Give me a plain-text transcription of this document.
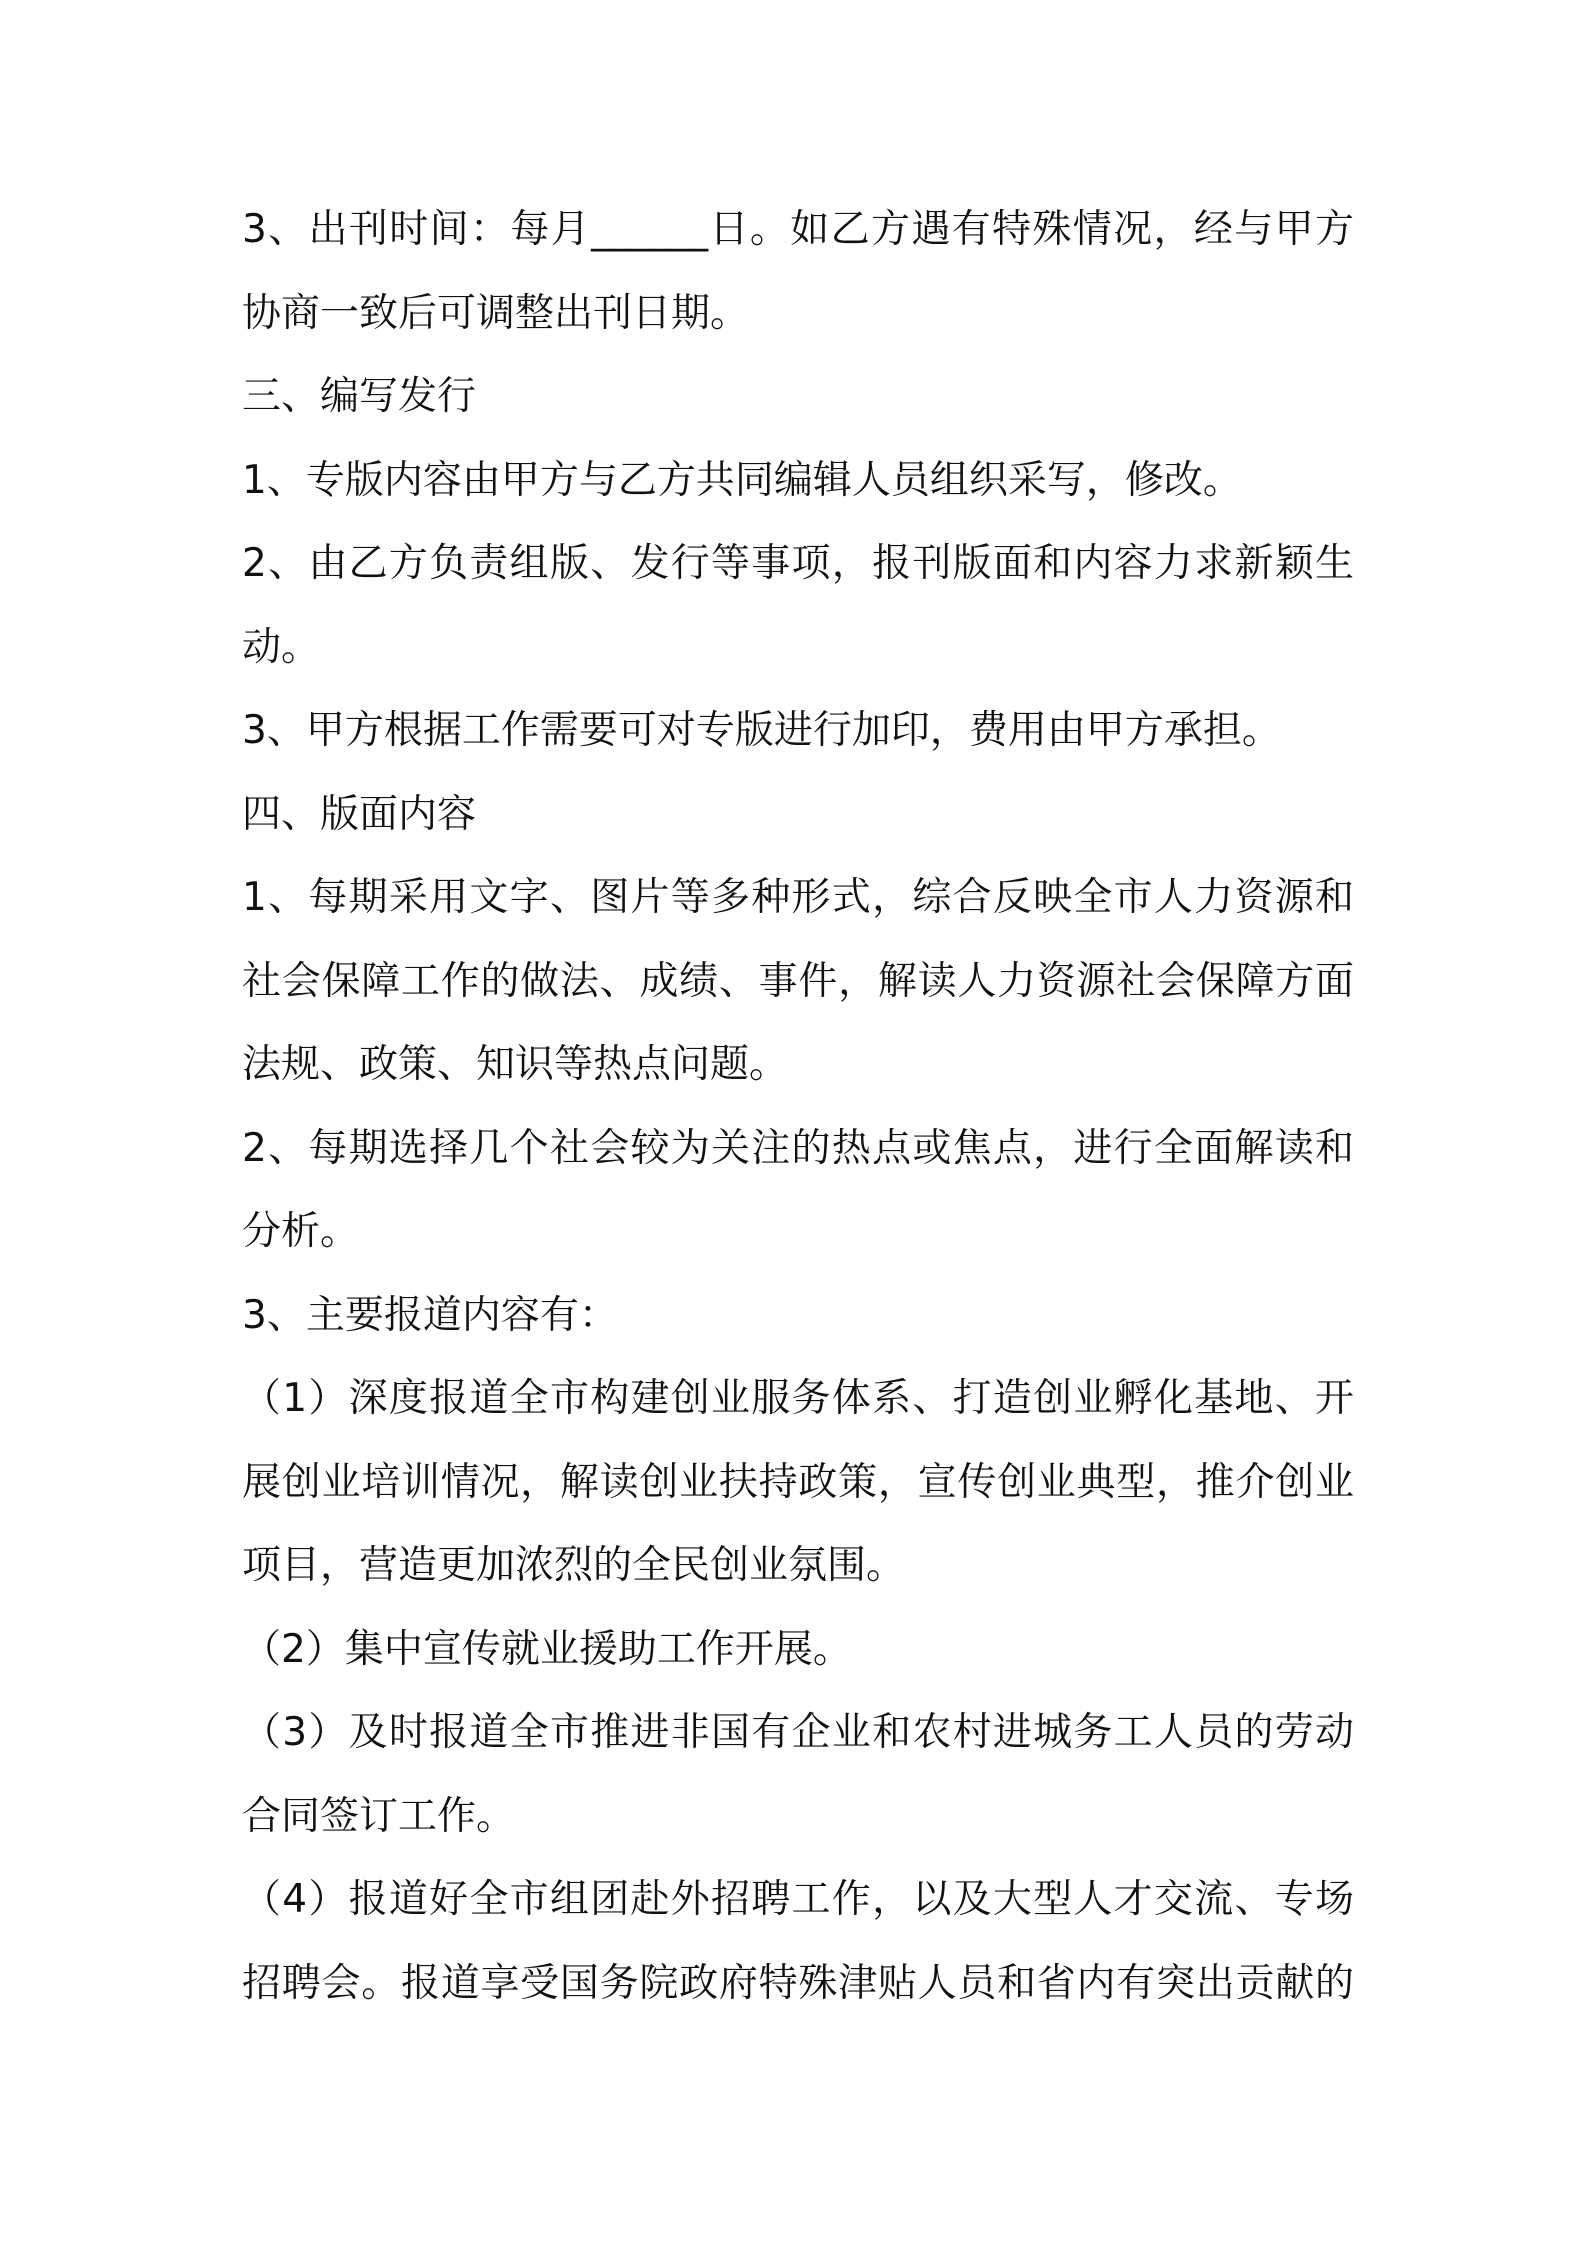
3、出刊时间：每月______日。如乙方遇有特殊情况，经与甲方
协商一致后可调整出刊日期。
三、编写发行
1、专版内容由甲方与乙方共同编辑人员组织采写，修改。
2、由乙方负责组版、发行等事项，报刊版面和内容力求新颖生
动。
3、甲方根据工作需要可对专版进行加印，费用由甲方承担。
四、版面内容
1、每期采用文字、图片等多种形式，综合反映全市人力资源和
社会保障工作的做法、成绩、事件，解读人力资源社会保障方面
法规、政策、知识等热点问题。
2、每期选择几个社会较为关注的热点或焦点，进行全面解读和
分析。
3、主要报道内容有：
（1）深度报道全市构建创业服务体系、打造创业孵化基地、开
展创业培训情况，解读创业扶持政策，宣传创业典型，推介创业
项目，营造更加浓烈的全民创业氛围。
（2）集中宣传就业援助工作开展。
（3）及时报道全市推进非国有企业和农村进城务工人员的劳动
合同签订工作。
（4）报道好全市组团赴外招聘工作，以及大型人才交流、专场
招聘会。报道享受国务院政府特殊津贴人员和省内有突出贡献的
